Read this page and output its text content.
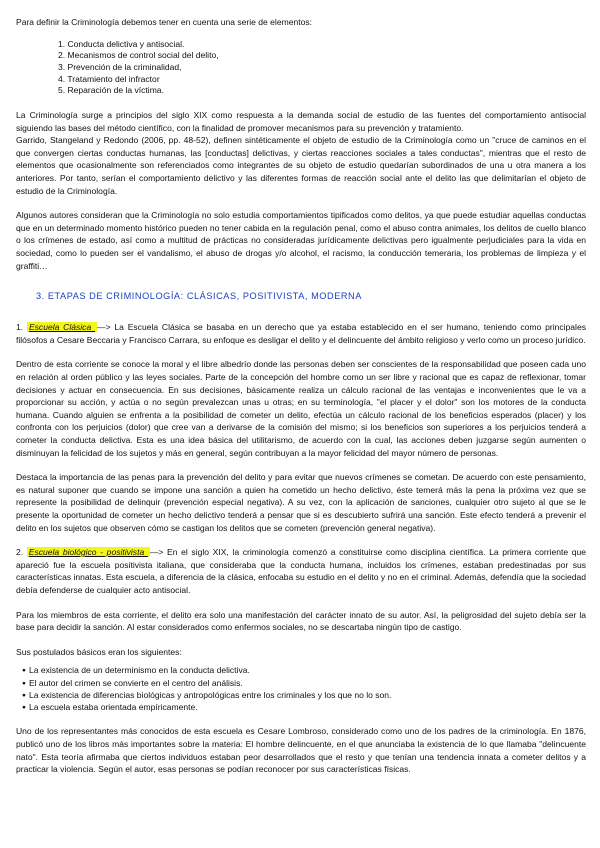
Para definir la Criminología debemos tener en cuenta una serie de elementos:

1. Conducta delictiva y antisocial.
2. Mecanismos de control social del delito,
3. Prevención de la criminalidad,
4. Tratamiento del infractor
5. Reparación de la víctima.

La Criminología surge a principios del siglo XIX como respuesta a la demanda social de estudio de las fuentes del comportamiento antisocial siguiendo las bases del método científico, con la finalidad de promover mecanismos para su prevención y tratamiento.

Garrido, Stangeland y Redondo (2006, pp. 48-52), definen sintéticamente el objeto de estudio de la Criminología como un "cruce de caminos en el que convergen ciertas conductas humanas, las [conductas] delictivas, y ciertas reacciones sociales a tales conductas", mientras que el resto de elementos que ocasionalmente son referenciados como integrantes de su objeto de estudio quedarían subordinados de una u otra manera a los anteriores. Por tanto, serían el comportamiento delictivo y las diferentes formas de reacción social ante el delito las que delimitarían el objeto de estudio de la Criminología.

Algunos autores consideran que la Criminología no solo estudia comportamientos tipificados como delitos, ya que puede estudiar aquellas conductas que en un determinado momento histórico pueden no tener cabida en la regulación penal, como el abuso contra animales, los delitos de cuello blanco o los crímenes de estado, así como a multitud de prácticas no consideradas jurídicamente delictivas pero igualmente perjudiciales para la vida en sociedad, como lo pueden ser el vandalismo, el abuso de drogas y/o alcohol, el racismo, la conducción temeraria, los problemas de limpieza y el graffiti…

3. ETAPAS DE CRIMINOLOGÍA: CLÁSICAS, POSITIVISTA, MODERNA

1. Escuela Clásica —> La Escuela Clásica se basaba en un derecho que ya estaba establecido en el ser humano, teniendo como principales filósofos a Cesare Beccaria y Francisco Carrara, su enfoque es desligar el delito y el delincuente del ámbito religioso y verlo como un proceso jurídico.

Dentro de esta corriente se conoce la moral y el libre albedrío donde las personas deben ser conscientes de la responsabilidad que poseen cada uno en relación al orden público y las leyes sociales. Parte de la concepción del hombre como un ser libre y racional que es capaz de reflexionar, tomar decisiones y actuar en consecuencia. En sus decisiones, básicamente realiza un cálculo racional de las ventajas e inconvenientes que le va a proporcionar su acción, y actúa o no según prevalezcan unas u otras; en su terminología, "el placer y el dolor" son los motores de la conducta humana. Cuando alguien se enfrenta a la posibilidad de cometer un delito, efectúa un cálculo racional de los beneficios esperados (placer) y los confronta con los perjuicios (dolor) que cree van a derivarse de la comisión del mismo; si los beneficios son superiores a los perjuicios tenderá a cometer la conducta delictiva. Esta es una idea básica del utilitarismo, de acuerdo con la cual, las acciones deben juzgarse según aumenten o disminuyan la felicidad de los sujetos y más en general, según contribuyan a la mayor felicidad del mayor número de personas.

Destaca la importancia de las penas para la prevención del delito y para evitar que nuevos crímenes se cometan. De acuerdo con este pensamiento, es natural suponer que cuando se impone una sanción a quien ha cometido un hecho delictivo, éste temerá más la pena la próxima vez que se represente la posibilidad de delinquir (prevención especial negativa). A su vez, con la aplicación de sanciones, cualquier otro sujeto al que se le presente la oportunidad de cometer un hecho delictivo tenderá a pensar que si es descubierto sufrirá una sanción. Este efecto tenderá a prevenir el delito en los sujetos que observen cómo se castigan los delitos que se cometen (prevención general negativa).

2. Escuela biológico - positivista —> En el siglo XIX, la criminología comenzó a constituirse como disciplina científica. La primera corriente que apareció fue la escuela positivista italiana, que consideraba que la conducta humana, incluidos los crímenes, estaban predestinadas por sus características innatas. Esta escuela, a diferencia de la clásica, enfocaba su estudio en el delito y no en el criminal. Además, defendía que la sociedad debía defenderse de cualquier acto antisocial.

Para los miembros de esta corriente, el delito era solo una manifestación del carácter innato de su autor. Así, la peligrosidad del sujeto debía ser la base para decidir la sanción. Al estar considerados como enfermos sociales, no se descartaba ningún tipo de castigo.

Sus postulados básicos eran los siguientes:

● La existencia de un determinismo en la conducta delictiva.
● El autor del crimen se convierte en el centro del análisis.
● La existencia de diferencias biológicas y antropológicas entre los criminales y los que no lo son.
● La escuela estaba orientada empíricamente.

Uno de los representantes más conocidos de esta escuela es Cesare Lombroso, considerado como uno de los padres de la criminología. En 1876, publicó uno de los libros más importantes sobre la materia: El hombre delincuente, en el que anunciaba la existencia de lo que llamaba "delincuente nato". Esta teoría afirmaba que ciertos individuos estaban peor desarrollados que el resto y que tenían una tendencia innata a cometer delitos y a practicar la violencia. Según el autor, esas personas se podían reconocer por sus características físicas.
